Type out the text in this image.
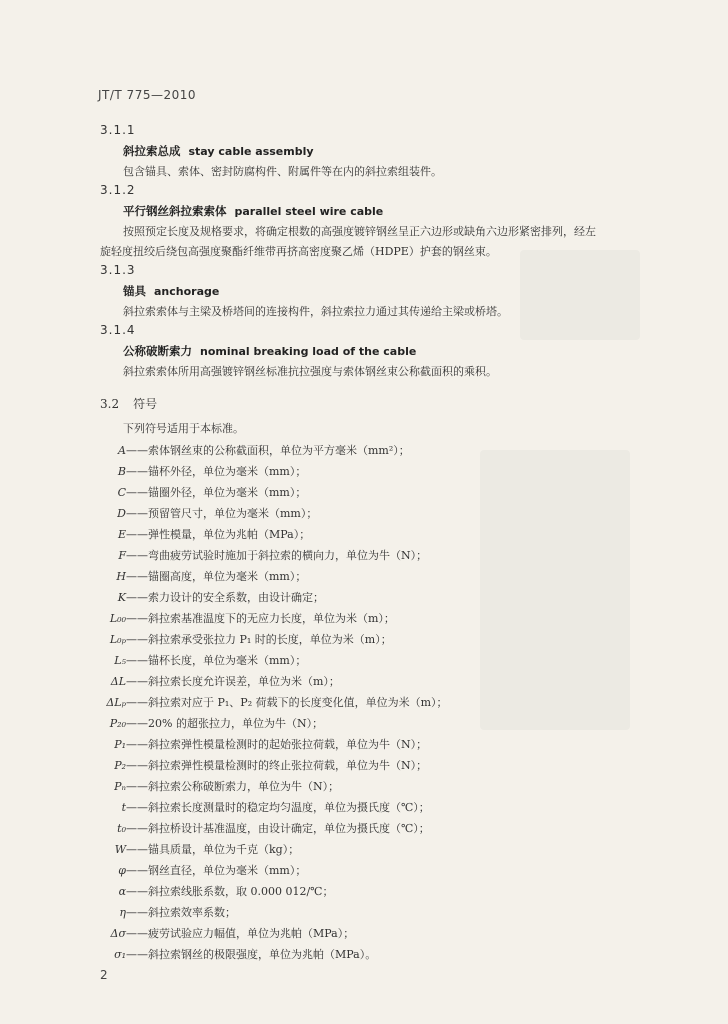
JT/T 775—2010
3.1.1
斜拉索总成 stay cable assembly
包含锚具、索体、密封防腐构件、附属件等在内的斜拉索组装件。
3.1.2
平行钢丝斜拉索索体 parallel steel wire cable
按照预定长度及规格要求，将确定根数的高强度镀锌钢丝呈正六边形或缺角六边形紧密排列，经左
旋轻度扭绞后绕包高强度聚酯纤维带再挤高密度聚乙烯（HDPE）护套的钢丝束。
3.1.3
锚具 anchorage
斜拉索索体与主梁及桥塔间的连接构件，斜拉索拉力通过其传递给主梁或桥塔。
3.1.4
公称破断索力 nominal breaking load of the cable
斜拉索索体所用高强镀锌钢丝标准抗拉强度与索体钢丝束公称截面积的乘积。
3.2 符号
下列符号适用于本标准。
A——索体钢丝束的公称截面积，单位为平方毫米（mm²）；
B——锚杯外径，单位为毫米（mm）；
C——锚圈外径，单位为毫米（mm）；
D——预留管尺寸，单位为毫米（mm）；
E——弹性模量，单位为兆帕（MPa）；
F——弯曲疲劳试验时施加于斜拉索的横向力，单位为牛（N）；
H——锚圈高度，单位为毫米（mm）；
K——索力设计的安全系数，由设计确定；
L₀₀——斜拉索基准温度下的无应力长度，单位为米（m）；
L₀ₚ——斜拉索承受张拉力 P₁ 时的长度，单位为米（m）；
L₅——锚杯长度，单位为毫米（mm）；
ΔL——斜拉索长度允许误差，单位为米（m）；
ΔLₚ——斜拉索对应于 P₁、P₂ 荷载下的长度变化值，单位为米（m）；
P₂₀——20% 的超张拉力，单位为牛（N）；
P₁——斜拉索弹性模量检测时的起始张拉荷载，单位为牛（N）；
P₂——斜拉索弹性模量检测时的终止张拉荷载，单位为牛（N）；
Pₙ——斜拉索公称破断索力，单位为牛（N）；
t——斜拉索长度测量时的稳定均匀温度，单位为摄氏度（℃）；
t₀——斜拉桥设计基准温度，由设计确定，单位为摄氏度（℃）；
W——锚具质量，单位为千克（kg）；
φ——钢丝直径，单位为毫米（mm）；
α——斜拉索线胀系数，取 0.000 012/℃；
η——斜拉索效率系数；
Δσ——疲劳试验应力幅值，单位为兆帕（MPa）；
σ₁——斜拉索钢丝的极限强度，单位为兆帕（MPa）。
2
